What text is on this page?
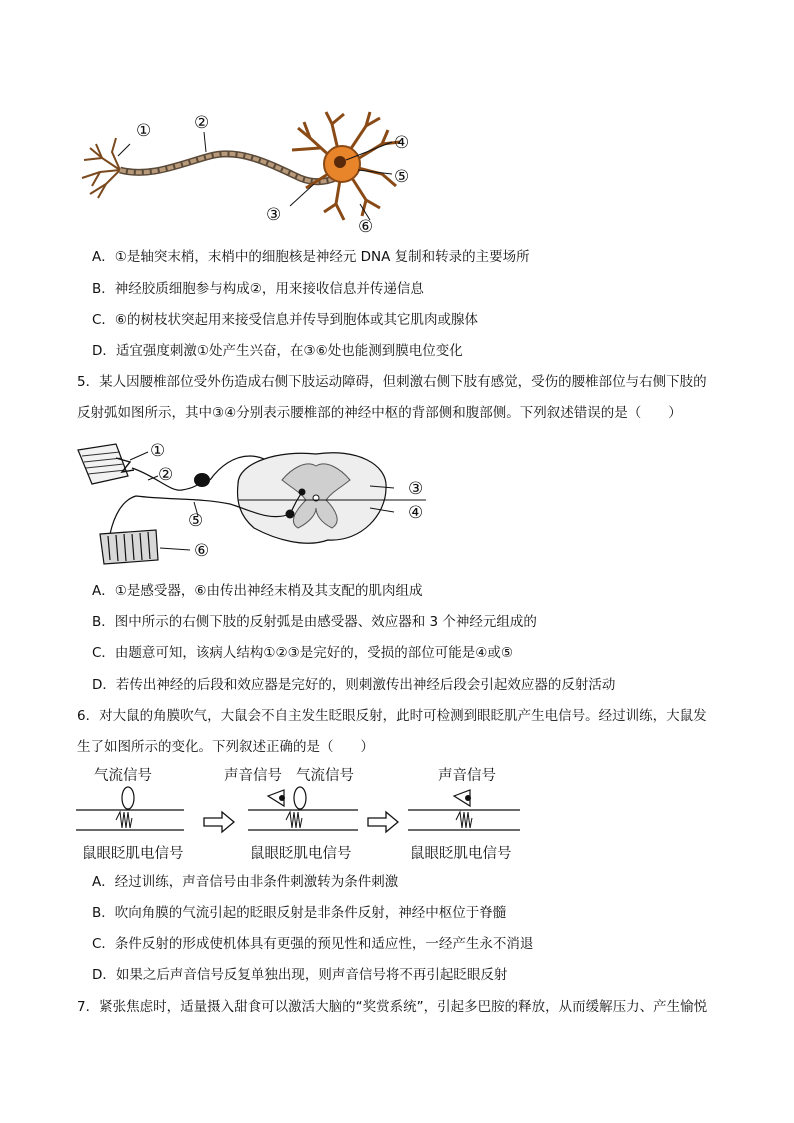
①	②
③
④
⑤
⑥
A．①是轴突末梢，末梢中的细胞核是神经元 DNA 复制和转录的主要场所
B．神经胶质细胞参与构成②，用来接收信息并传递信息
C．⑥的树枝状突起用来接受信息并传导到胞体或其它肌肉或腺体
D．适宜强度刺激①处产生兴奋，在③⑥处也能测到膜电位变化
5．某人因腰椎部位受外伤造成右侧下肢运动障碍，但刺激右侧下肢有感觉，受伤的腰椎部位与右侧下肢的
反射弧如图所示，其中③④分别表示腰椎部的神经中枢的背部侧和腹部侧。下列叙述错误的是（　　）
①
②
③
④
⑤
⑥
A．①是感受器，⑥由传出神经末梢及其支配的肌肉组成
B．图中所示的右侧下肢的反射弧是由感受器、效应器和 3 个神经元组成的
C．由题意可知，该病人结构①②③是完好的，受损的部位可能是④或⑤
D．若传出神经的后段和效应器是完好的，则刺激传出神经后段会引起效应器的反射活动
6．对大鼠的角膜吹气，大鼠会不自主发生眨眼反射，此时可检测到眼眨肌产生电信号。经过训练，大鼠发
生了如图所示的变化。下列叙述正确的是（　　）
气流信号
鼠眼眨肌电信号
声音信号 气流信号
鼠眼眨肌电信号
声音信号
鼠眼眨肌电信号
A．经过训练，声音信号由非条件刺激转为条件刺激
B．吹向角膜的气流引起的眨眼反射是非条件反射，神经中枢位于脊髓
C．条件反射的形成使机体具有更强的预见性和适应性，一经产生永不消退
D．如果之后声音信号反复单独出现，则声音信号将不再引起眨眼反射
7．紧张焦虑时，适量摄入甜食可以激活大脑的“奖赏系统”，引起多巴胺的释放，从而缓解压力、产生愉悦
